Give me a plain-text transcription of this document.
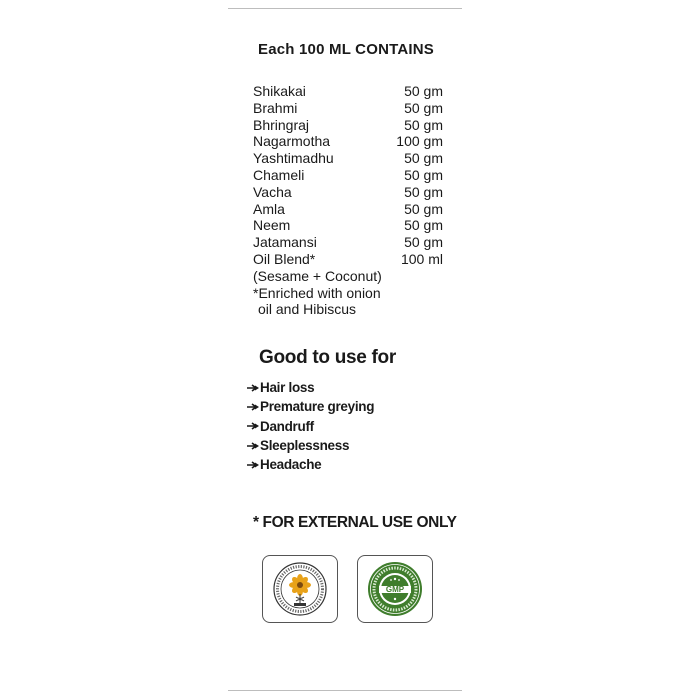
Each 100 ML CONTAINS
Shikakai	50 gm
Brahmi	50 gm
Bhringraj	50 gm
Nagarmotha	100 gm
Yashtimadhu	50 gm
Chameli	50 gm
Vacha	50 gm
Amla	50 gm
Neem	50 gm
Jatamansi	50 gm
Oil Blend*	100 ml
(Sesame + Coconut)
*Enriched with onion
oil and Hibiscus
Good to use for
Hair loss
Premature greying
Dandruff
Sleeplessness
Headache
* FOR EXTERNAL USE ONLY
GMP
